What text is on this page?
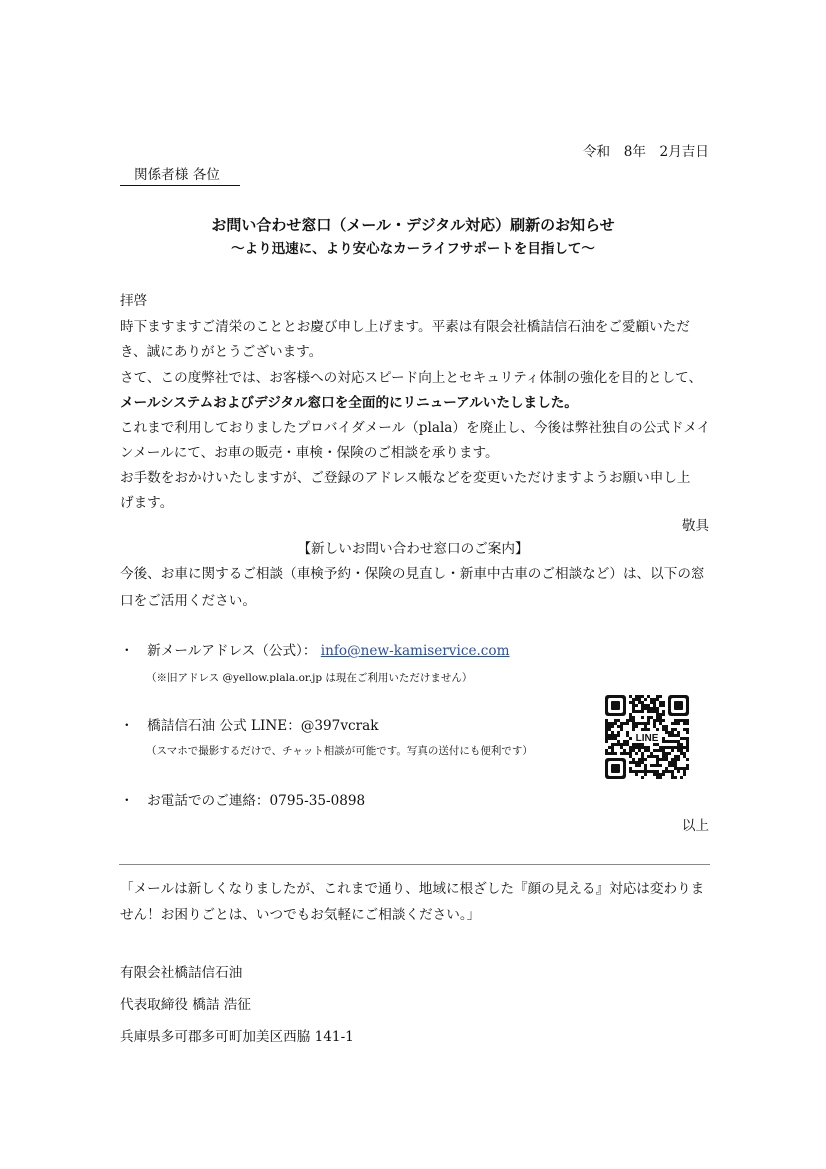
令和　8年　2月吉日
関係者様 各位
お問い合わせ窓口（メール・デジタル対応）刷新のお知らせ
〜より迅速に、より安心なカーライフサポートを目指して〜
拝啓
時下ますますご清栄のこととお慶び申し上げます。平素は有限会社橋詰信石油をご愛顧いただ
き、誠にありがとうございます。
さて、この度弊社では、お客様への対応スピード向上とセキュリティ体制の強化を目的として、
メールシステムおよびデジタル窓口を全面的にリニューアルいたしました。
これまで利用しておりましたプロバイダメール（plala）を廃止し、今後は弊社独自の公式ドメイ
ンメールにて、お車の販売・車検・保険のご相談を承ります。
お手数をおかけいたしますが、ご登録のアドレス帳などを変更いただけますようお願い申し上
げます。
敬具
【新しいお問い合わせ窓口のご案内】
今後、お車に関するご相談（車検予約・保険の見直し・新車中古車のご相談など）は、以下の窓
口をご活用ください。
・　新メールアドレス（公式）： info@new-kamiservice.com
（※旧アドレス @yellow.plala.or.jp は現在ご利用いただけません）
・　橋詰信石油 公式 LINE：@397vcrak
（スマホで撮影するだけで、チャット相談が可能です。写真の送付にも便利です）
LINE
・　お電話でのご連絡：0795-35-0898
以上
「メールは新しくなりましたが、これまで通り、地域に根ざした『顔の見える』対応は変わりま
せん！お困りごとは、いつでもお気軽にご相談ください。」
有限会社橋詰信石油
代表取締役 橋詰 浩征
兵庫県多可郡多可町加美区西脇 141-1
